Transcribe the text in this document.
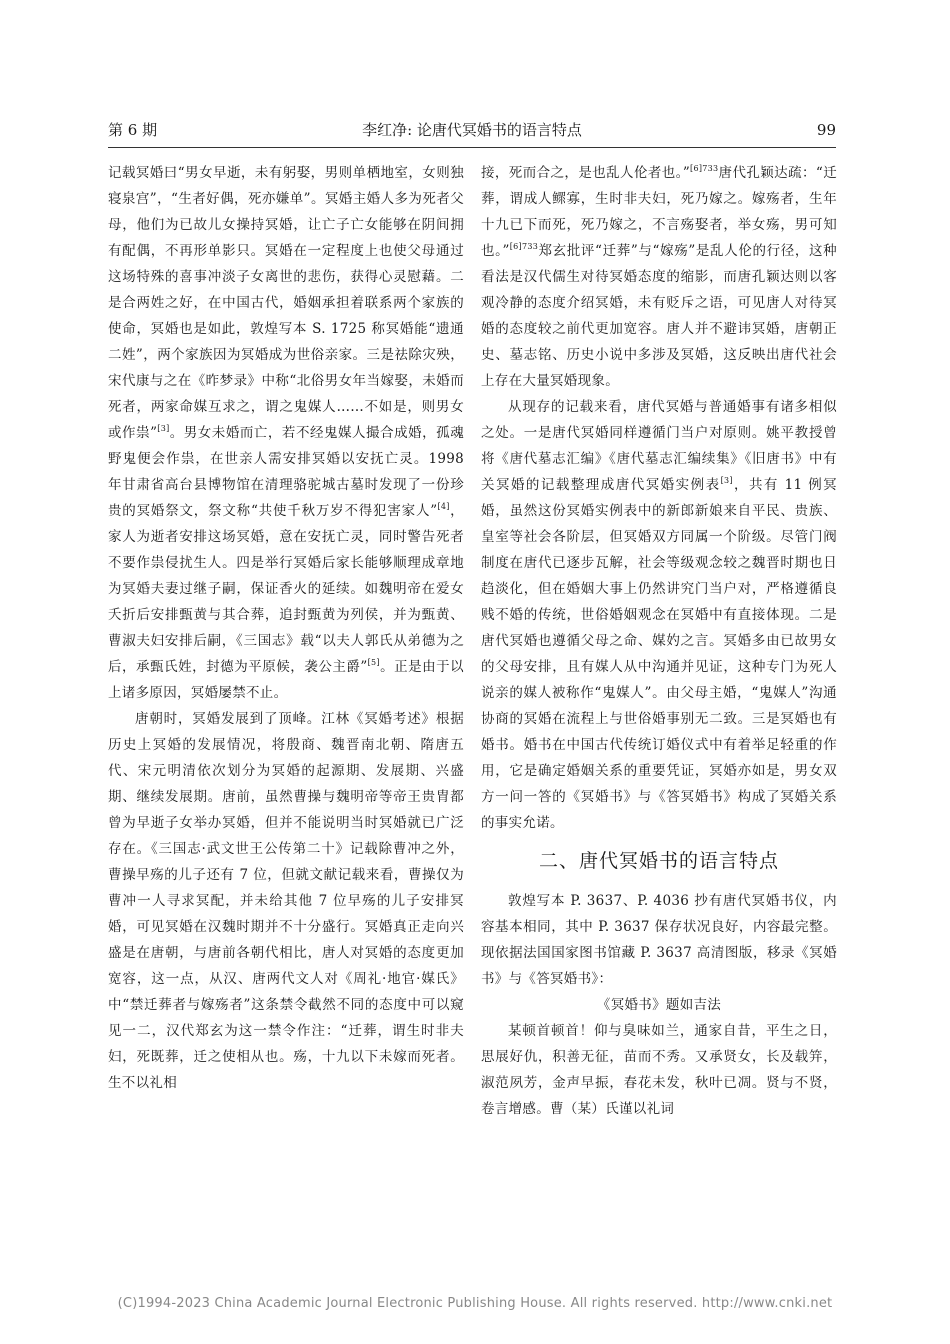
第 6 期	李红净: 论唐代冥婚书的语言特点	99

记载冥婚曰“男女早逝，未有躬娶，男则单栖地室，女则独寝泉宫”，“生者好偶，死亦嫌单”。冥婚主婚人多为死者父母，他们为已故儿女操持冥婚，让亡子亡女能够在阴间拥有配偶，不再形单影只。冥婚在一定程度上也使父母通过这场特殊的喜事冲淡子女离世的悲伤，获得心灵慰藉。二是合两姓之好，在中国古代，婚姻承担着联系两个家族的使命，冥婚也是如此，敦煌写本 S. 1725 称冥婚能“遗通二姓”，两个家族因为冥婚成为世俗亲家。三是祛除灾殃，宋代康与之在《昨梦录》中称“北俗男女年当嫁娶，未婚而死者，两家命媒互求之，谓之鬼媒人……不如是，则男女或作祟”[3]。男女未婚而亡，若不经鬼媒人撮合成婚，孤魂野鬼便会作祟，在世亲人需安排冥婚以安抚亡灵。1998 年甘肃省高台县博物馆在清理骆驼城古墓时发现了一份珍贵的冥婚祭文，祭文称“共使千秋万岁不得犯害家人”[4]，家人为逝者安排这场冥婚，意在安抚亡灵，同时警告死者不要作祟侵扰生人。四是举行冥婚后家长能够顺理成章地为冥婚夫妻过继子嗣，保证香火的延续。如魏明帝在爱女夭折后安排甄黄与其合葬，追封甄黄为列侯，并为甄黄、曹淑夫妇安排后嗣，《三国志》载“以夫人郭氏从弟德为之后，承甄氏姓，封德为平原候，袭公主爵”[5]。正是由于以上诸多原因，冥婚屡禁不止。

唐朝时，冥婚发展到了顶峰。江林《冥婚考述》根据历史上冥婚的发展情况，将殷商、魏晋南北朝、隋唐五代、宋元明清依次划分为冥婚的起源期、发展期、兴盛期、继续发展期。唐前，虽然曹操与魏明帝等帝王贵胄都曾为早逝子女举办冥婚，但并不能说明当时冥婚就已广泛存在。《三国志·武文世王公传第二十》记载除曹冲之外，曹操早殇的儿子还有 7 位，但就文献记载来看，曹操仅为曹冲一人寻求冥配，并未给其他 7 位早殇的儿子安排冥婚，可见冥婚在汉魏时期并不十分盛行。冥婚真正走向兴盛是在唐朝，与唐前各朝代相比，唐人对冥婚的态度更加宽容，这一点，从汉、唐两代文人对《周礼·地官·媒氏》中“禁迁葬者与嫁殇者”这条禁令截然不同的态度中可以窥见一二，汉代郑玄为这一禁令作注：“迁葬，谓生时非夫妇，死既葬，迁之使相从也。殇，十九以下未嫁而死者。生不以礼相

接，死而合之，是也乱人伦者也。”$^{[6]733}$唐代孔颖达疏：“迁葬，谓成人鳏寡，生时非夫妇，死乃嫁之。嫁殇者，生年十九已下而死，死乃嫁之，不言殇娶者，举女殇，男可知也。”$^{[6]733}$郑玄批评“迁葬”与“嫁殇”是乱人伦的行径，这种看法是汉代儒生对待冥婚态度的缩影，而唐孔颖达则以客观冷静的态度介绍冥婚，未有贬斥之语，可见唐人对待冥婚的态度较之前代更加宽容。唐人并不避讳冥婚，唐朝正史、墓志铭、历史小说中多涉及冥婚，这反映出唐代社会上存在大量冥婚现象。

从现存的记载来看，唐代冥婚与普通婚事有诸多相似之处。一是唐代冥婚同样遵循门当户对原则。姚平教授曾将《唐代墓志汇编》《唐代墓志汇编续集》《旧唐书》中有关冥婚的记载整理成唐代冥婚实例表[3]，共有 11 例冥婚，虽然这份冥婚实例表中的新郎新娘来自平民、贵族、皇室等社会各阶层，但冥婚双方同属一个阶级。尽管门阀制度在唐代已逐步瓦解，社会等级观念较之魏晋时期也日趋淡化，但在婚姻大事上仍然讲究门当户对，严格遵循良贱不婚的传统，世俗婚姻观念在冥婚中有直接体现。二是唐代冥婚也遵循父母之命、媒妁之言。冥婚多由已故男女的父母安排，且有媒人从中沟通并见证，这种专门为死人说亲的媒人被称作“鬼媒人”。由父母主婚，“鬼媒人”沟通协商的冥婚在流程上与世俗婚事别无二致。三是冥婚也有婚书。婚书在中国古代传统订婚仪式中有着举足轻重的作用，它是确定婚姻关系的重要凭证，冥婚亦如是，男女双方一问一答的《冥婚书》与《答冥婚书》构成了冥婚关系的事实允诺。

二、唐代冥婚书的语言特点

敦煌写本 P. 3637、P. 4036 抄有唐代冥婚书仪，内容基本相同，其中 P. 3637 保存状况良好，内容最完整。现依据法国国家图书馆藏 P. 3637 高清图版，移录《冥婚书》与《答冥婚书》：

《冥婚书》题如吉法

某顿首顿首！仰与臭味如兰，通家自昔，平生之日，思展好仇，积善无征，苗而不秀。又承贤女，长及载笄，淑范夙芳，金声早振，春花未发，秋叶已凋。贤与不贤，卷言增感。曹（某）氏谨以礼词

(C)1994-2023 China Academic Journal Electronic Publishing House. All rights reserved. http://www.cnki.net
